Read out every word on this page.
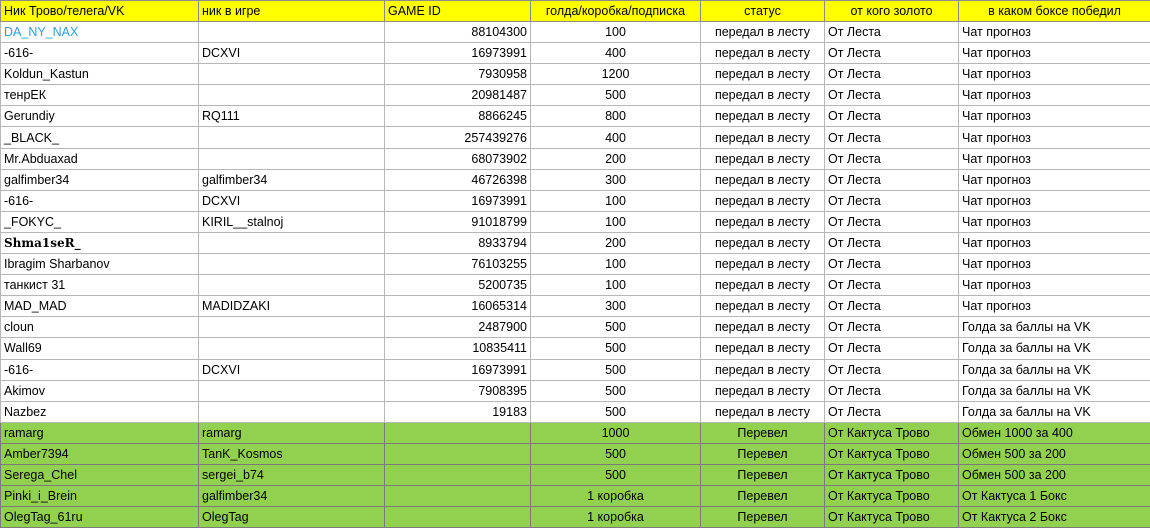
Ник Трово/телега/VK	ник в игре	GAME ID	голда/коробка/подписка	статус	от кого золото	в каком боксе победил
DA_NY_NAX		88104300	100	передал в лесту	От Леста	Чат прогноз
-616-	DCXVI	16973991	400	передал в лесту	От Леста	Чат прогноз
Koldun_Kastun		7930958	1200	передал в лесту	От Леста	Чат прогноз
тенрЕК		20981487	500	передал в лесту	От Леста	Чат прогноз
Gerundiy	RQ111	8866245	800	передал в лесту	От Леста	Чат прогноз
_BLACK_		257439276	400	передал в лесту	От Леста	Чат прогноз
Mr.Abduaxad		68073902	200	передал в лесту	От Леста	Чат прогноз
galfimber34	galfimber34	46726398	300	передал в лесту	От Леста	Чат прогноз
-616-	DCXVI	16973991	100	передал в лесту	От Леста	Чат прогноз
_FOKYC_	KIRIL__stalnoj	91018799	100	передал в лесту	От Леста	Чат прогноз
Shma1seR_		8933794	200	передал в лесту	От Леста	Чат прогноз
Ibragim Sharbanov		76103255	100	передал в лесту	От Леста	Чат прогноз
танкист 31		5200735	100	передал в лесту	От Леста	Чат прогноз
MAD_MAD	MADIDZAKI	16065314	300	передал в лесту	От Леста	Чат прогноз
cloun		2487900	500	передал в лесту	От Леста	Голда за баллы на VK
Wall69		10835411	500	передал в лесту	От Леста	Голда за баллы на VK
-616-	DCXVI	16973991	500	передал в лесту	От Леста	Голда за баллы на VK
Akimov		7908395	500	передал в лесту	От Леста	Голда за баллы на VK
Nazbez		19183	500	передал в лесту	От Леста	Голда за баллы на VK
ramarg	ramarg		1000	Перевел	От Кактуса Трово	Обмен 1000 за 400
Amber7394	TanK_Kosmos		500	Перевел	От Кактуса Трово	Обмен 500 за 200
Serega_Chel	sergei_b74		500	Перевел	От Кактуса Трово	Обмен 500 за 200
Pinki_i_Brein	galfimber34		1 коробка	Перевел	От Кактуса Трово	От Кактуса 1 Бокс
OlegTag_61ru	OlegTag		1 коробка	Перевел	От Кактуса Трово	От Кактуса 2 Бокс
